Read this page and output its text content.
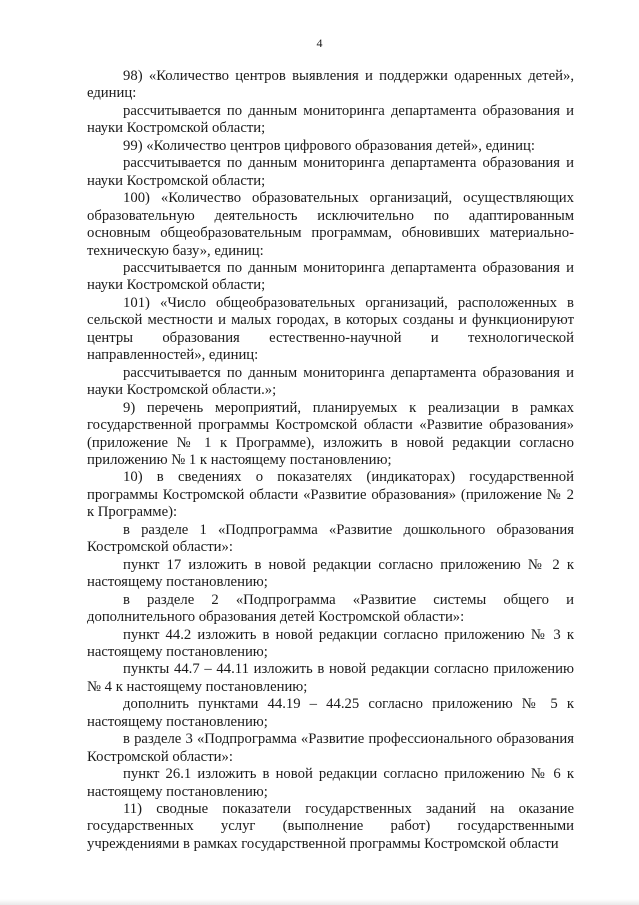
4

98) «Количество центров выявления и поддержки одаренных детей», единиц:

рассчитывается по данным мониторинга департамента образования и науки Костромской области;

99) «Количество центров цифрового образования детей», единиц:

рассчитывается по данным мониторинга департамента образования и науки Костромской области;

100) «Количество образовательных организаций, осуществляющих образовательную деятельность исключительно по адаптированным основным общеобразовательным программам, обновивших материально-техническую базу», единиц:

рассчитывается по данным мониторинга департамента образования и науки Костромской области;

101) «Число общеобразовательных организаций, расположенных в сельской местности и малых городах, в которых созданы и функционируют центры образования естественно-научной и технологической направленностей», единиц:

рассчитывается по данным мониторинга департамента образования и науки Костромской области.»;

9) перечень мероприятий, планируемых к реализации в рамках государственной программы Костромской области «Развитие образования» (приложение № 1 к Программе), изложить в новой редакции согласно приложению № 1 к настоящему постановлению;

10) в сведениях о показателях (индикаторах) государственной программы Костромской области «Развитие образования» (приложение № 2 к Программе):

в разделе 1 «Подпрограмма «Развитие дошкольного образования Костромской области»:

пункт 17 изложить в новой редакции согласно приложению № 2 к настоящему постановлению;

в разделе 2 «Подпрограмма «Развитие системы общего и дополнительного образования детей Костромской области»:

пункт 44.2 изложить в новой редакции согласно приложению № 3 к настоящему постановлению;

пункты 44.7 – 44.11 изложить в новой редакции согласно приложению № 4 к настоящему постановлению;

дополнить пунктами 44.19 – 44.25 согласно приложению № 5 к настоящему постановлению;

в разделе 3 «Подпрограмма «Развитие профессионального образования Костромской области»:

пункт 26.1 изложить в новой редакции согласно приложению № 6 к настоящему постановлению;

11) сводные показатели государственных заданий на оказание государственных услуг (выполнение работ) государственными учреждениями в рамках государственной программы Костромской области
